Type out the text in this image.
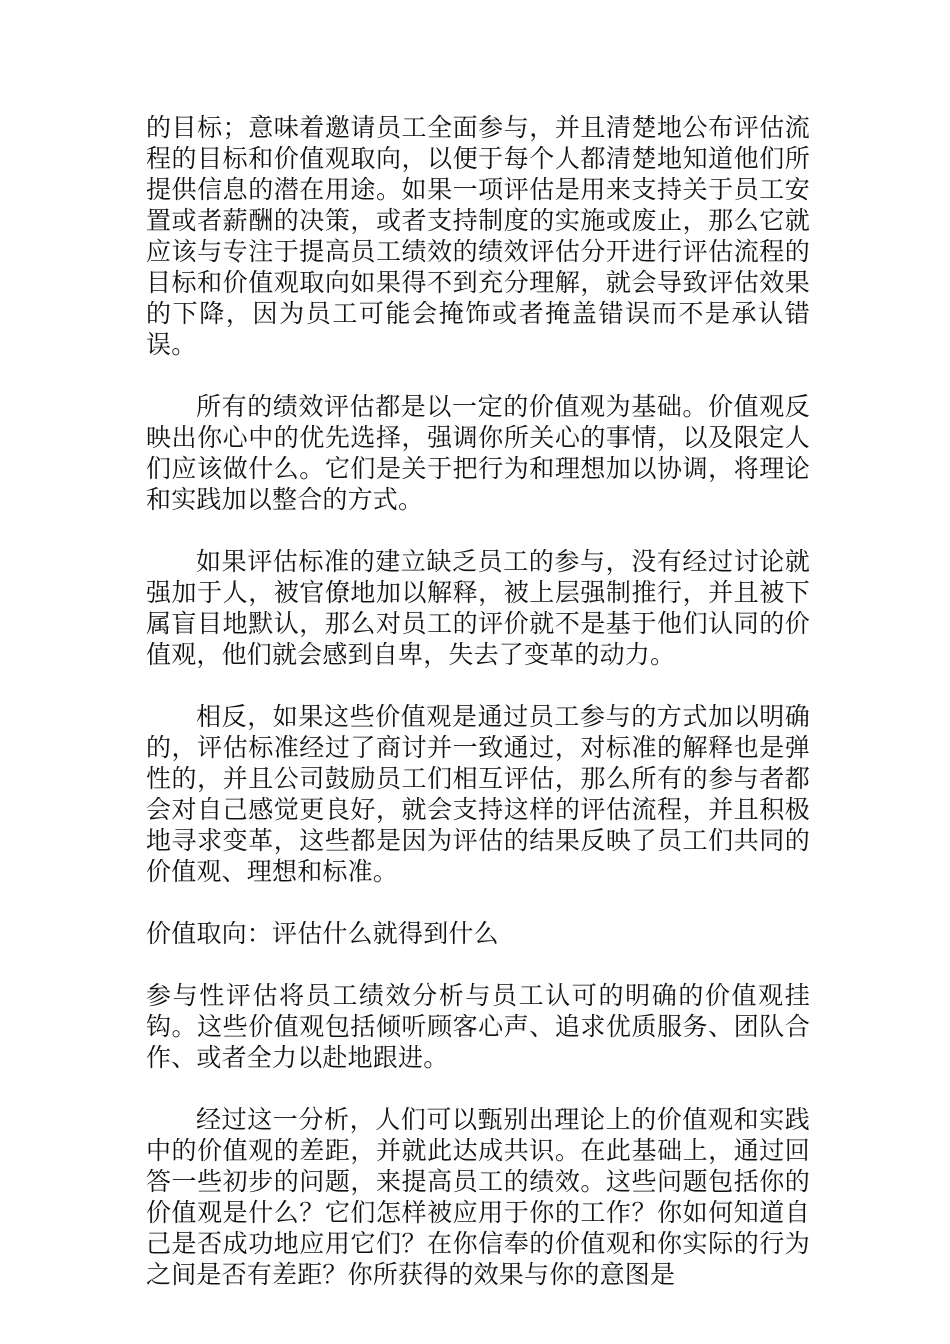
的目标；意味着邀请员工全面参与，并且清楚地公布评估流程的目标和价值观取向，以便于每个人都清楚地知道他们所提供信息的潜在用途。如果一项评估是用来支持关于员工安置或者薪酬的决策，或者支持制度的实施或废止，那么它就应该与专注于提高员工绩效的绩效评估分开进行评估流程的目标和价值观取向如果得不到充分理解，就会导致评估效果的下降，因为员工可能会掩饰或者掩盖错误而不是承认错误。

所有的绩效评估都是以一定的价值观为基础。价值观反映出你心中的优先选择，强调你所关心的事情，以及限定人们应该做什么。它们是关于把行为和理想加以协调，将理论和实践加以整合的方式。

如果评估标准的建立缺乏员工的参与，没有经过讨论就强加于人，被官僚地加以解释，被上层强制推行，并且被下属盲目地默认，那么对员工的评价就不是基于他们认同的价值观，他们就会感到自卑，失去了变革的动力。

相反，如果这些价值观是通过员工参与的方式加以明确的，评估标准经过了商讨并一致通过，对标准的解释也是弹性的，并且公司鼓励员工们相互评估，那么所有的参与者都会对自己感觉更良好，就会支持这样的评估流程，并且积极地寻求变革，这些都是因为评估的结果反映了员工们共同的价值观、理想和标准。

价值取向：评估什么就得到什么

参与性评估将员工绩效分析与员工认可的明确的价值观挂钩。这些价值观包括倾听顾客心声、追求优质服务、团队合作、或者全力以赴地跟进。

经过这一分析，人们可以甄别出理论上的价值观和实践中的价值观的差距，并就此达成共识。在此基础上，通过回答一些初步的问题，来提高员工的绩效。这些问题包括你的价值观是什么？它们怎样被应用于你的工作？你如何知道自己是否成功地应用它们？在你信奉的价值观和你实际的行为之间是否有差距？你所获得的效果与你的意图是
